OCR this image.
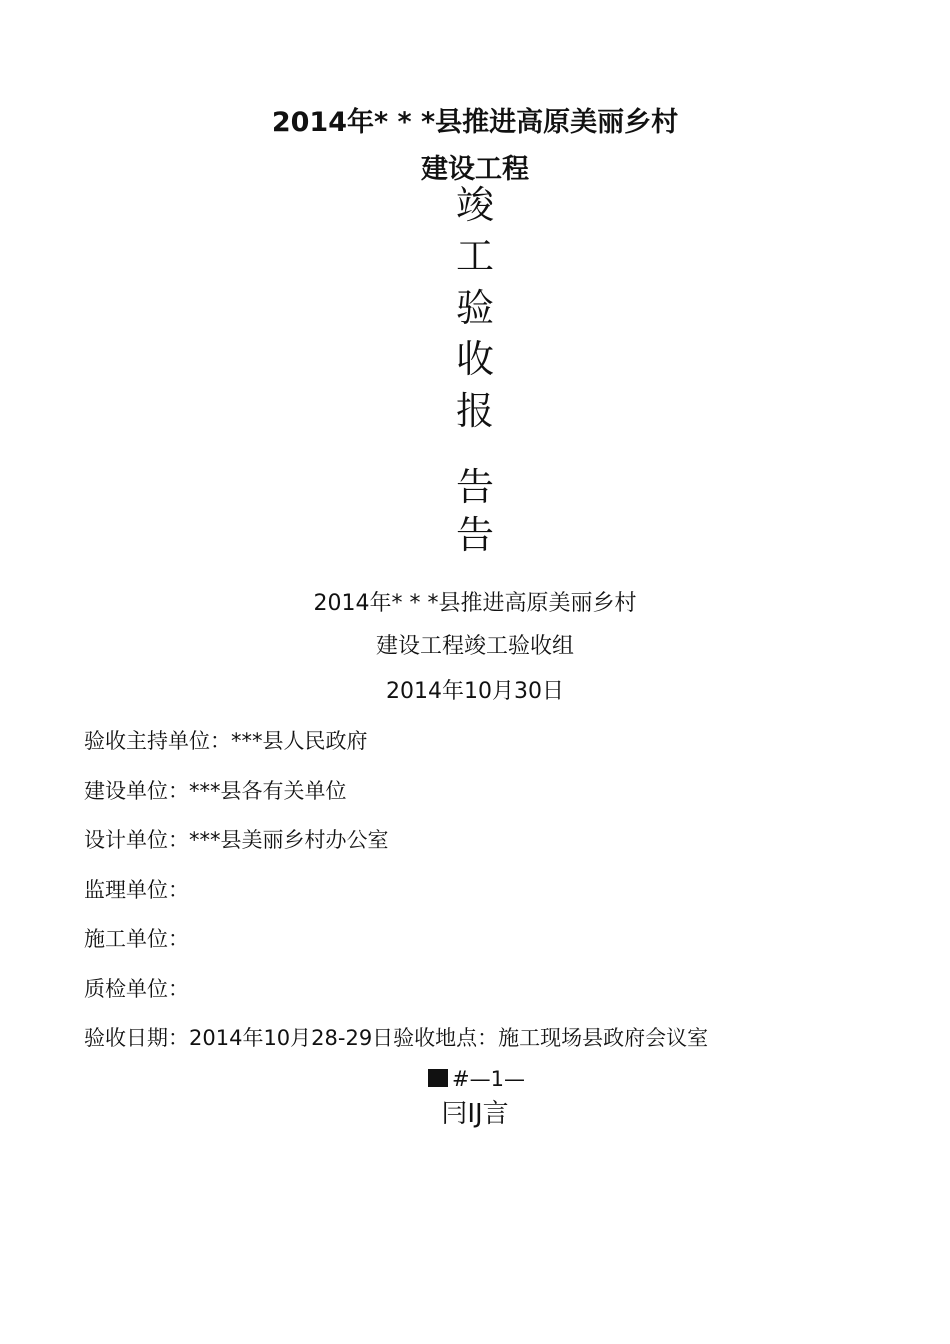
2014年* * *县推进高原美丽乡村
建设工程
竣
工
验
收
报
告
告
2014年* * *县推进高原美丽乡村
建设工程竣工验收组
2014年10月30日
验收主持单位：***县人民政府
建设单位：***县各有关单位
设计单位：***县美丽乡村办公室
监理单位：
施工单位：
质检单位：
验收日期：2014年10月28-29日验收地点：施工现场县政府会议室
#—1—
冃IJ言
